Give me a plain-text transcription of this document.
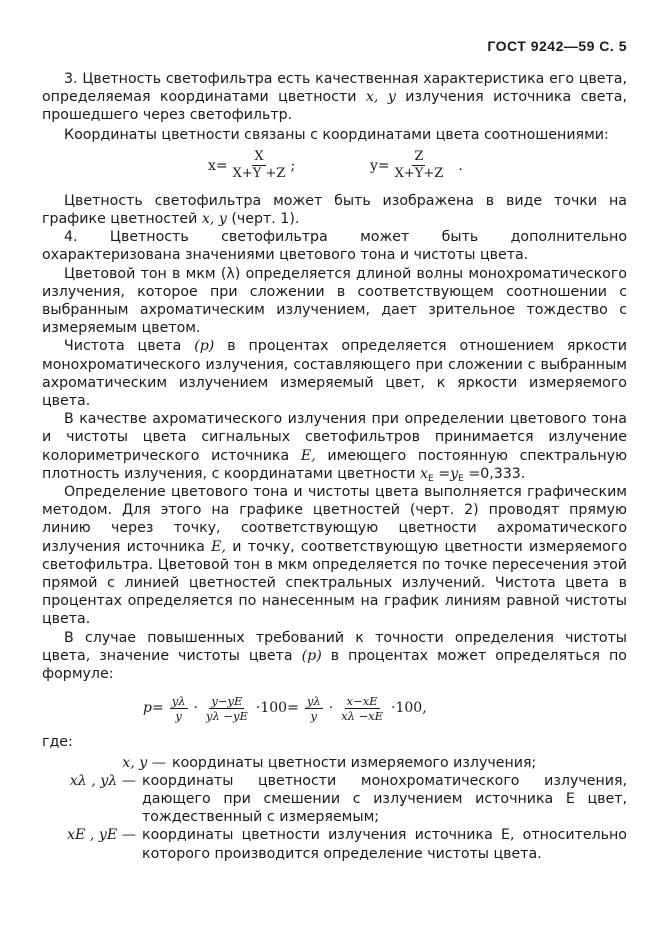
ГОСТ 9242—59 С. 5

3. Цветность светофильтра есть качественная характеристика его цвета, определяемая координатами цветности x, y излучения источника света, прошедшего через светофильтр.

Координаты цветности связаны с координатами цвета соотношениями:

$x= \frac{X}{X+Y +Z}$ ;	$y= \frac{Z}{X+Y+Z}$ .

Цветность светофильтра может быть изображена в виде точки на графике цветностей x, y (черт. 1).

4. Цветность светофильтра может быть дополнительно охарактеризована значениями цветового тона и чистоты цвета.

Цветовой тон в мкм (λ) определяется длиной волны монохроматического излучения, которое при сложении в соответствующем соотношении с выбранным ахроматическим излучением, дает зрительное тождество с измеряемым цветом.

Чистота цвета (p) в процентах определяется отношением яркости монохроматического излучения, составляющего при сложении с выбранным ахроматическим излучением измеряемый цвет, к яркости измеряемого цвета.

В качестве ахроматического излучения при определении цветового тона и чистоты цвета сигнальных светофильтров принимается излучение колориметрического источника E, имеющего постоянную спектральную плотность излучения, с координатами цветности $x_E =y_E =0,333$.

Определение цветового тона и чистоты цвета выполняется графическим методом. Для этого на графике цветностей (черт. 2) проводят прямую линию через точку, соответствующую цветности ахроматического излучения источника E, и точку, соответствующую цветности измеряемого светофильтра. Цветовой тон в мкм определяется по точке пересечения этой прямой с линией цветностей спектральных излучений. Чистота цвета в процентах определяется по нанесенным на график линиям равной чистоты цвета.

В случае повышенных требований к точности определения чистоты цвета, значение чистоты цвета (p) в процентах может определяться по формуле:

$p= \frac{y\lambda}{y} \cdot \frac{y-yE}{y\lambda -yE} \cdot 100= \frac{y\lambda}{y} \cdot \frac{x-xE}{x\lambda -xE} \cdot 100$,

где:

x, y — координаты цветности измеряемого излучения;
xλ , yλ — координаты цветности монохроматического излучения, дающего при смешении с излучением источника E цвет, тождественный с измеряемым;
xE , yE — координаты цветности излучения источника E, относительно которого производится определение чистоты цвета.
